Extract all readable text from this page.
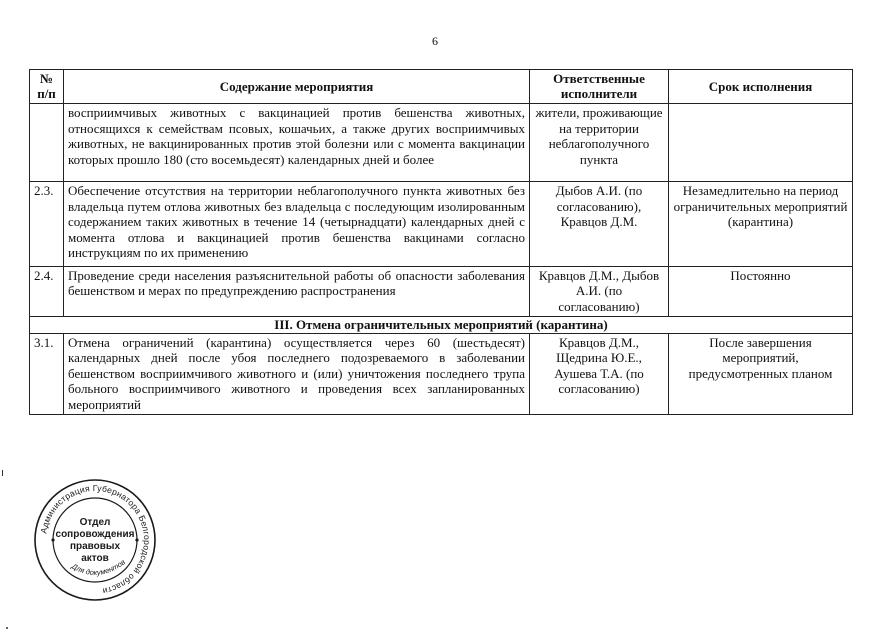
6
№ п/п	Содержание мероприятия	Ответственные исполнители	Срок исполнения
	восприимчивых животных с вакцинацией против бешенства животных, относящихся к семействам псовых, кошачьих, а также других восприимчивых животных, не вакцинированных против этой болезни или с момента вакцинации которых прошло 180 (сто восемьдесят) календарных дней и более	жители, проживающие на территории неблагополучного пункта	
2.3.	Обеспечение отсутствия на территории неблагополучного пункта животных без владельца путем отлова животных без владельца с последующим изолированным содержанием таких животных в течение 14 (четырнадцати) календарных дней с момента отлова и вакцинацией против бешенства вакцинами согласно инструкциям по их применению	Дыбов А.И. (по согласованию), Кравцов Д.М.	Незамедлительно на период ограничительных мероприятий (карантина)
2.4.	Проведение среди населения разъяснительной работы об опасности заболевания бешенством и мерах по предупреждению распространения	Кравцов Д.М., Дыбов А.И. (по согласованию)	Постоянно
III. Отмена ограничительных мероприятий (карантина)			
3.1.	Отмена ограничений (карантина) осуществляется через 60 (шестьдесят) календарных дней после убоя последнего подозреваемого в заболевании бешенством восприимчивого животного и (или) уничтожения последнего трупа больного восприимчивого животного и проведения всех запланированных мероприятий	Кравцов Д.М., Щедрина Ю.Е., Аушева Т.А. (по согласованию)	После завершения мероприятий, предусмотренных планом
Администрация Губернатора Белгородской области
Для документов
Отдел
сопровождения
правовых
актов
